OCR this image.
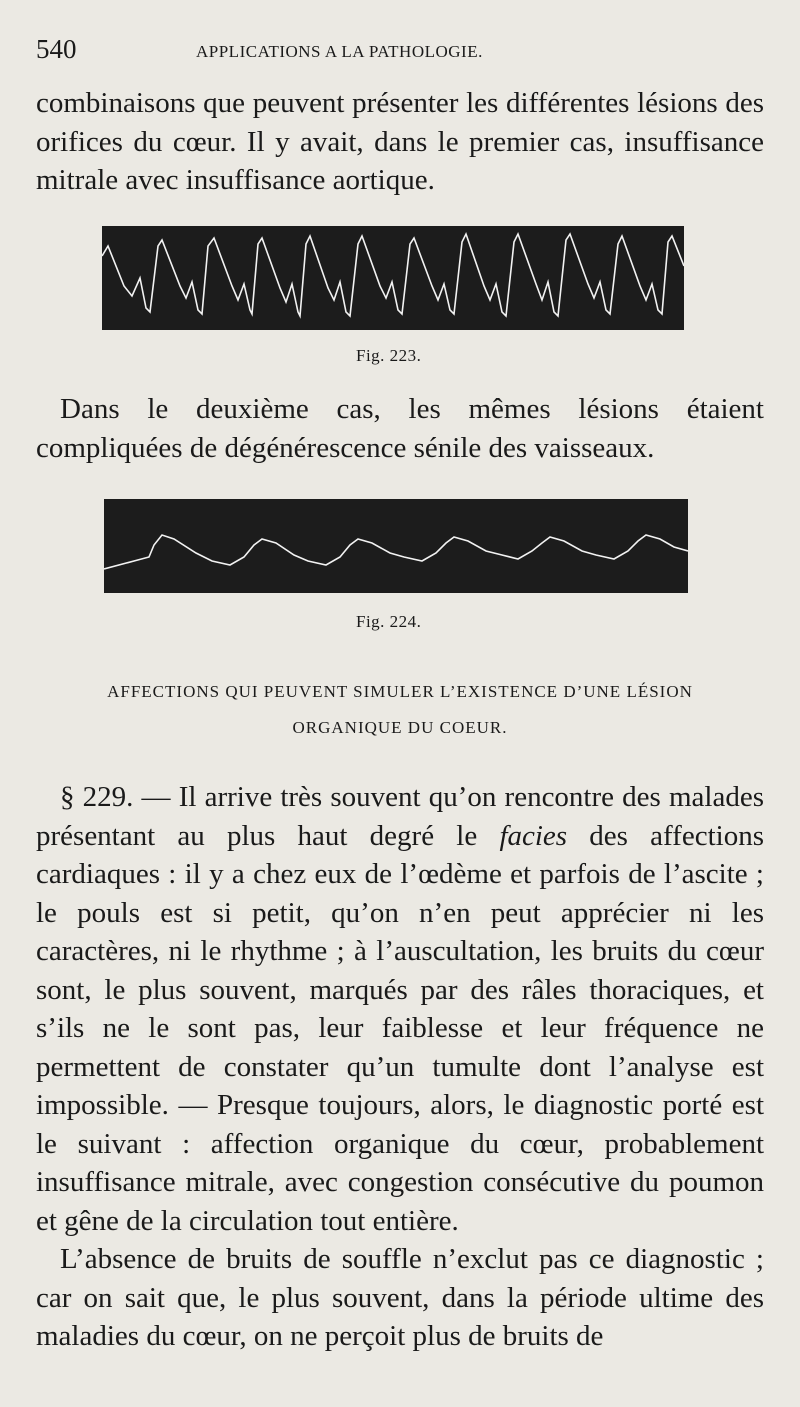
540	APPLICATIONS A LA PATHOLOGIE.

combinaisons que peuvent présenter les différentes lésions des orifices du cœur. Il y avait, dans le premier cas, insuffisance mitrale avec insuffisance aortique.

Fig. 223.

Dans le deuxième cas, les mêmes lésions étaient compliquées de dégénérescence sénile des vaisseaux.

Fig. 224.
AFFECTIONS QUI PEUVENT SIMULER L’EXISTENCE D’UNE LÉSION
ORGANIQUE DU COEUR.

§ 229. — Il arrive très souvent qu’on rencontre des malades présentant au plus haut degré le facies des affections cardiaques : il y a chez eux de l’œdème et parfois de l’ascite ; le pouls est si petit, qu’on n’en peut apprécier ni les caractères, ni le rhythme ; à l’auscultation, les bruits du cœur sont, le plus souvent, marqués par des râles thoraciques, et s’ils ne le sont pas, leur faiblesse et leur fréquence ne permettent de constater qu’un tumulte dont l’analyse est impossible. — Presque toujours, alors, le diagnostic porté est le suivant : affection organique du cœur, probablement insuffisance mitrale, avec congestion consécutive du poumon et gêne de la circulation tout entière.

L’absence de bruits de souffle n’exclut pas ce diagnostic ; car on sait que, le plus souvent, dans la période ultime des maladies du cœur, on ne perçoit plus de bruits de
